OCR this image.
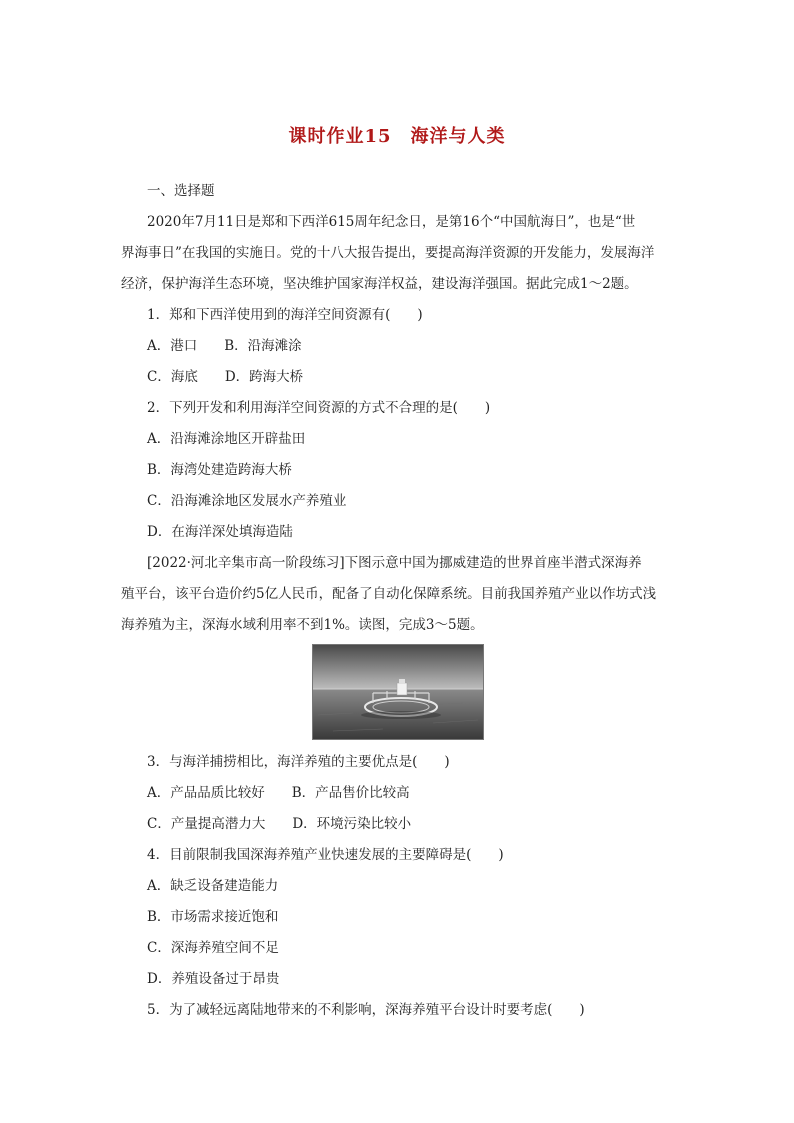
课时作业15　海洋与人类
一、选择题
2020年7月11日是郑和下西洋615周年纪念日，是第16个“中国航海日”，也是“世
界海事日”在我国的实施日。党的十八大报告提出，要提高海洋资源的开发能力，发展海洋
经济，保护海洋生态环境，坚决维护国家海洋权益，建设海洋强国。据此完成1～2题。
1．郑和下西洋使用到的海洋空间资源有(　　)
A．港口　　B．沿海滩涂
C．海底　　D．跨海大桥
2．下列开发和利用海洋空间资源的方式不合理的是(　　)
A．沿海滩涂地区开辟盐田
B．海湾处建造跨海大桥
C．沿海滩涂地区发展水产养殖业
D．在海洋深处填海造陆
[2022·河北辛集市高一阶段练习]下图示意中国为挪威建造的世界首座半潜式深海养
殖平台，该平台造价约5亿人民币，配备了自动化保障系统。目前我国养殖产业以作坊式浅
海养殖为主，深海水域利用率不到1%。读图，完成3～5题。
3．与海洋捕捞相比，海洋养殖的主要优点是(　　)
A．产品品质比较好　　B．产品售价比较高
C．产量提高潜力大　　D．环境污染比较小
4．目前限制我国深海养殖产业快速发展的主要障碍是(　　)
A．缺乏设备建造能力
B．市场需求接近饱和
C．深海养殖空间不足
D．养殖设备过于昂贵
5．为了减轻远离陆地带来的不利影响，深海养殖平台设计时要考虑(　　)
